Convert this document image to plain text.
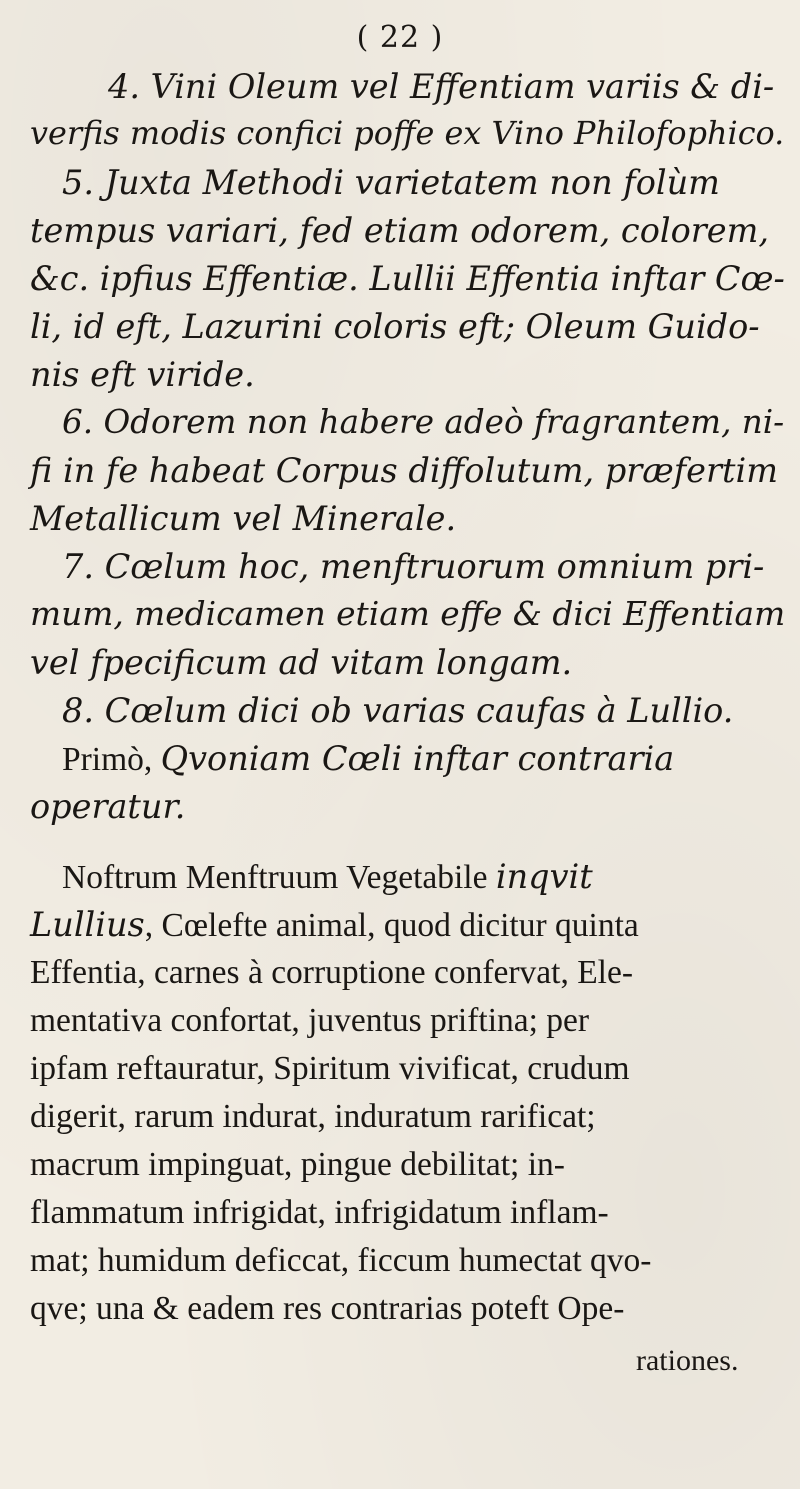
( 22 )
4. Vini Oleum vel Effentiam variis & di-
verfis modis confici poffe ex Vino Philofophico.
5. Juxta Methodi varietatem non folùm
tempus variari, fed etiam odorem, colorem,
&c. ipfius Effentiæ. Lullii Effentia inftar Cœ-
li, id eft, Lazurini coloris eft; Oleum Guido-
nis eft viride.
6. Odorem non habere adeò fragrantem, ni-
fi in fe habeat Corpus diffolutum, præfertim
Metallicum vel Minerale.
7. Cœlum hoc, menftruorum omnium pri-
mum, medicamen etiam effe & dici Effentiam
vel fpecificum ad vitam longam.
8. Cœlum dici ob varias caufas à Lullio.
Primò, Qvoniam Cœli inftar contraria
operatur.
Noftrum Menftruum Vegetabile inqvit
Lullius, Cœlefte animal, quod dicitur quinta
Effentia, carnes à corruptione confervat, Ele-
mentativa confortat, juventus priftina; per
ipfam reftauratur, Spiritum vivificat, crudum
digerit, rarum indurat, induratum rarificat;
macrum impinguat, pingue debilitat; in-
flammatum infrigidat, infrigidatum inflam-
mat; humidum deficcat, ficcum humectat qvo-
qve; una & eadem res contrarias poteft Ope-
rationes.
